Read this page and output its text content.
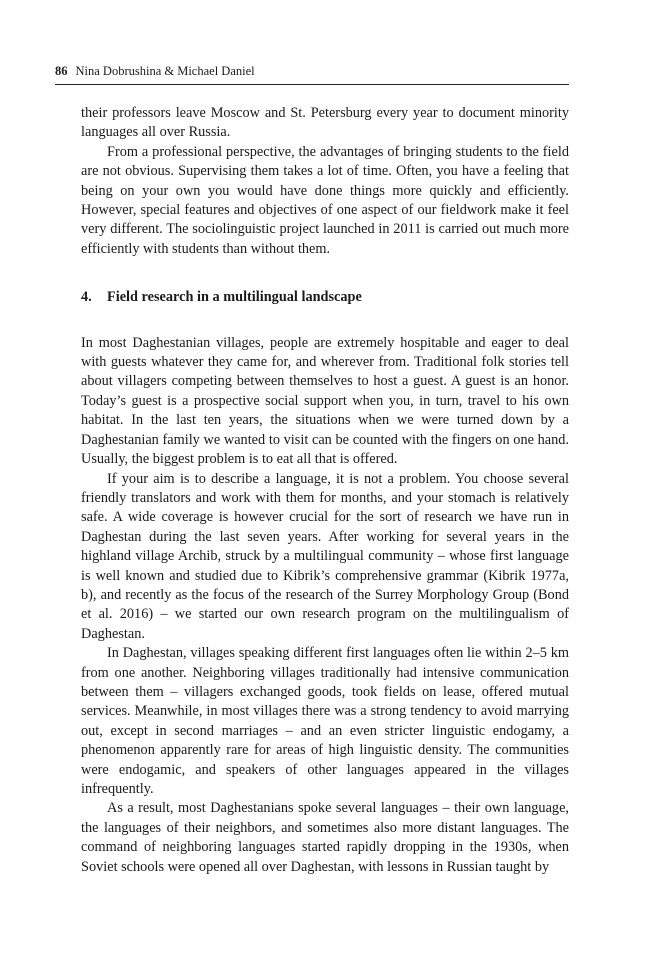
86 Nina Dobrushina & Michael Daniel

their professors leave Moscow and St. Petersburg every year to document minority languages all over Russia.

From a professional perspective, the advantages of bringing students to the field are not obvious. Supervising them takes a lot of time. Often, you have a feeling that being on your own you would have done things more quickly and efficiently. However, special features and objectives of one aspect of our fieldwork make it feel very different. The sociolinguistic project launched in 2011 is carried out much more efficiently with students than without them.

4. Field research in a multilingual landscape

In most Daghestanian villages, people are extremely hospitable and eager to deal with guests whatever they came for, and wherever from. Traditional folk stories tell about villagers competing between themselves to host a guest. A guest is an honor. Today’s guest is a prospective social support when you, in turn, travel to his own habitat. In the last ten years, the situations when we were turned down by a Daghestanian family we wanted to visit can be counted with the fingers on one hand. Usually, the biggest problem is to eat all that is offered.

If your aim is to describe a language, it is not a problem. You choose several friendly translators and work with them for months, and your stomach is relatively safe. A wide coverage is however crucial for the sort of research we have run in Daghestan during the last seven years. After working for several years in the highland village Archib, struck by a multilingual community – whose first language is well known and studied due to Kibrik’s comprehensive grammar (Kibrik 1977a, b), and recently as the focus of the research of the Surrey Morphology Group (Bond et al. 2016) – we started our own research program on the multilingualism of Daghestan.

In Daghestan, villages speaking different first languages often lie within 2–5 km from one another. Neighboring villages traditionally had intensive communication between them – villagers exchanged goods, took fields on lease, offered mutual services. Meanwhile, in most villages there was a strong tendency to avoid marrying out, except in second marriages – and an even stricter linguistic endogamy, a phenomenon apparently rare for areas of high linguistic density. The communities were endogamic, and speakers of other languages appeared in the villages infrequently.

As a result, most Daghestanians spoke several languages – their own language, the languages of their neighbors, and sometimes also more distant languages. The command of neighboring languages started rapidly dropping in the 1930s, when Soviet schools were opened all over Daghestan, with lessons in Russian taught by
